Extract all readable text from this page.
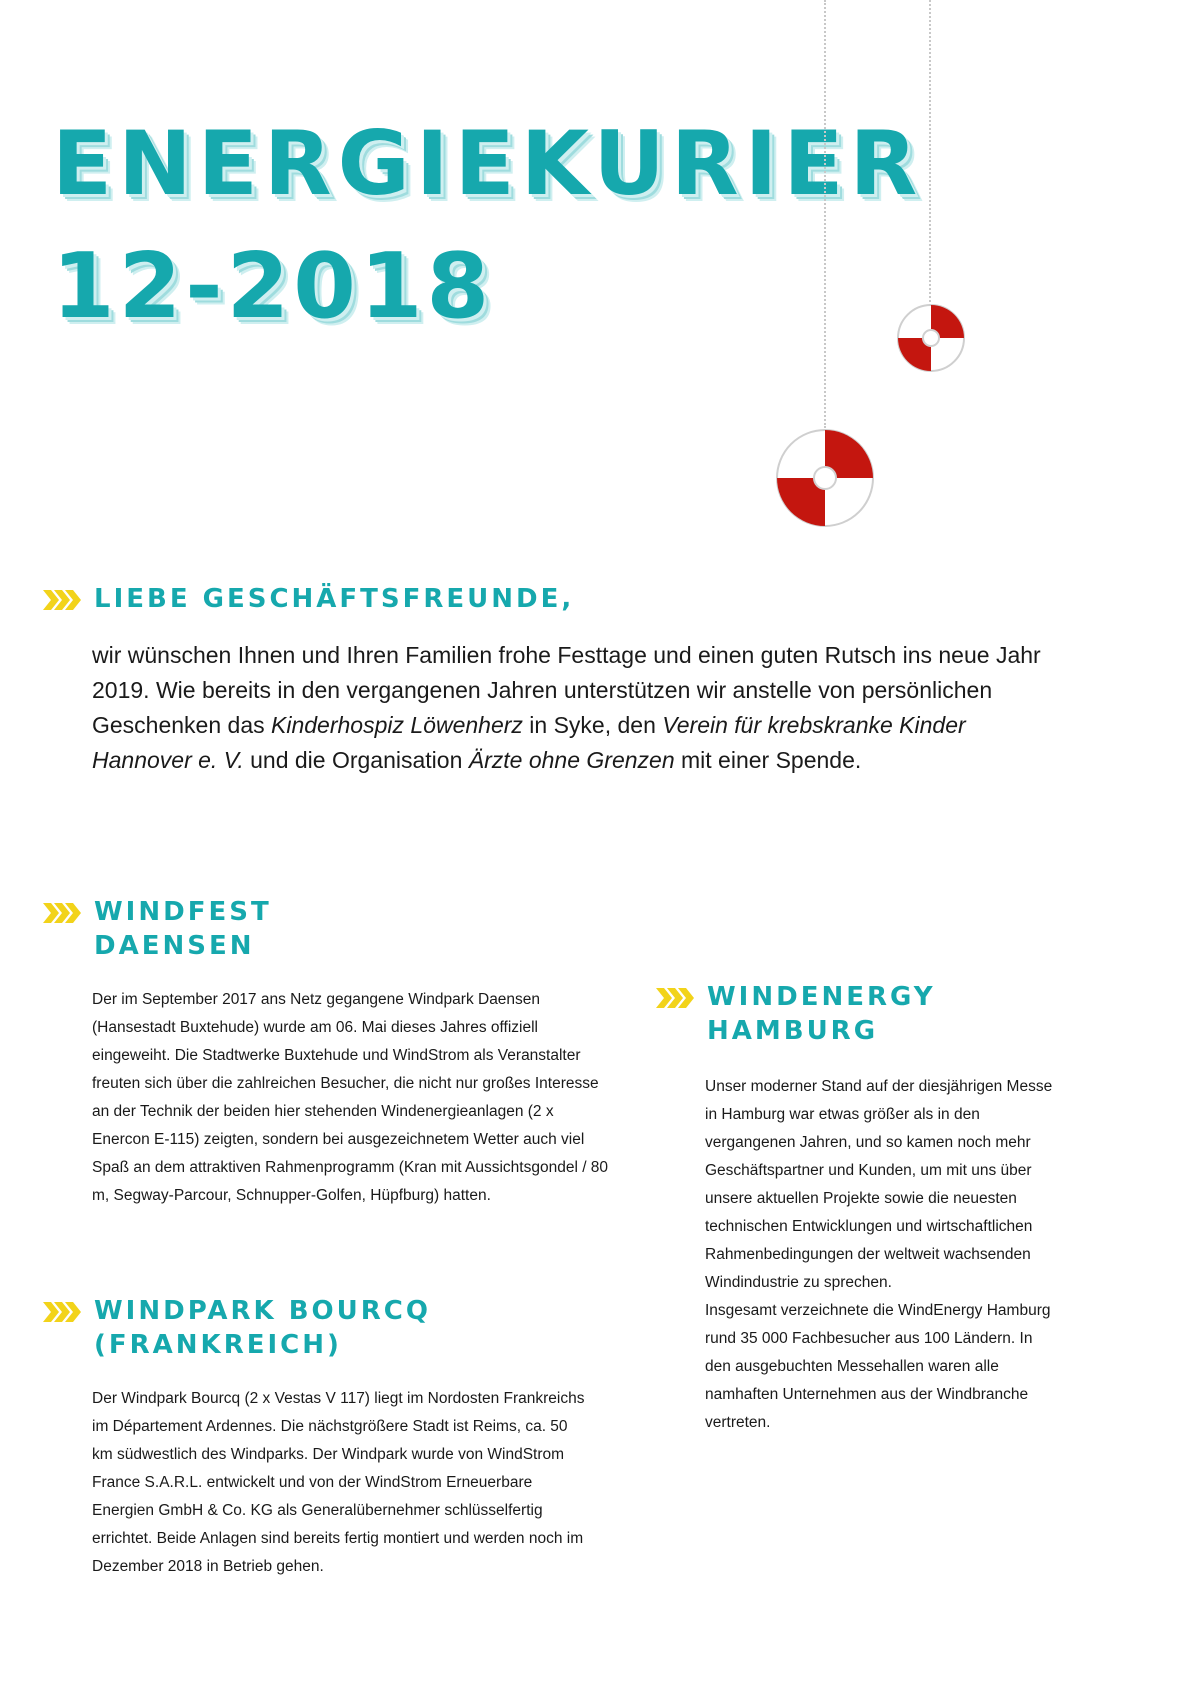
ENERGIEKURIER
12-2018
LIEBE GESCHÄFTSFREUNDE,

wir wünschen Ihnen und Ihren Familien frohe Festtage und einen guten Rutsch ins neue Jahr 2019. Wie bereits in den vergangenen Jahren unterstützen wir anstelle von persönlichen Geschenken das Kinderhospiz Löwenherz in Syke, den Verein für krebskranke Kinder Hannover e. V. und die Organisation Ärzte ohne Grenzen mit einer Spende.

WINDFEST
DAENSEN

Der im September 2017 ans Netz gegangene Windpark Daensen (Hansestadt Buxtehude) wurde am 06. Mai dieses Jahres offiziell eingeweiht. Die Stadtwerke Buxtehude und WindStrom als Veranstalter freuten sich über die zahlreichen Besucher, die nicht nur großes Interesse an der Technik der beiden hier stehenden Windenergieanlagen (2 x Enercon E-115) zeigten, sondern bei ausgezeichnetem Wetter auch viel Spaß an dem attraktiven Rahmenprogramm (Kran mit Aussichtsgondel / 80 m, Segway-Parcour, Schnupper-Golfen, Hüpfburg) hatten.

WINDPARK BOURCQ
(FRANKREICH)

Der Windpark Bourcq (2 x Vestas V 117) liegt im Nordosten Frankreichs im Département Ardennes. Die nächstgrößere Stadt ist Reims, ca. 50 km südwestlich des Windparks. Der Windpark wurde von WindStrom France S.A.R.L. entwickelt und von der WindStrom Erneuerbare Energien GmbH & Co. KG als Generalübernehmer schlüsselfertig errichtet. Beide Anlagen sind bereits fertig montiert und werden noch im Dezember 2018 in Betrieb gehen.

WINDENERGY
HAMBURG
Unser moderner Stand auf der diesjährigen Messe in Hamburg war etwas größer als in den vergangenen Jahren, und so kamen noch mehr Geschäftspartner und Kunden, um mit uns über unsere aktuellen Projekte sowie die neuesten technischen Entwicklungen und wirtschaftlichen Rahmenbedingungen der weltweit wachsenden Windindustrie zu sprechen.
Insgesamt verzeichnete die WindEnergy Hamburg rund 35 000 Fachbesucher aus 100 Ländern. In den ausgebuchten Messehallen waren alle namhaften Unternehmen aus der Windbranche vertreten.
